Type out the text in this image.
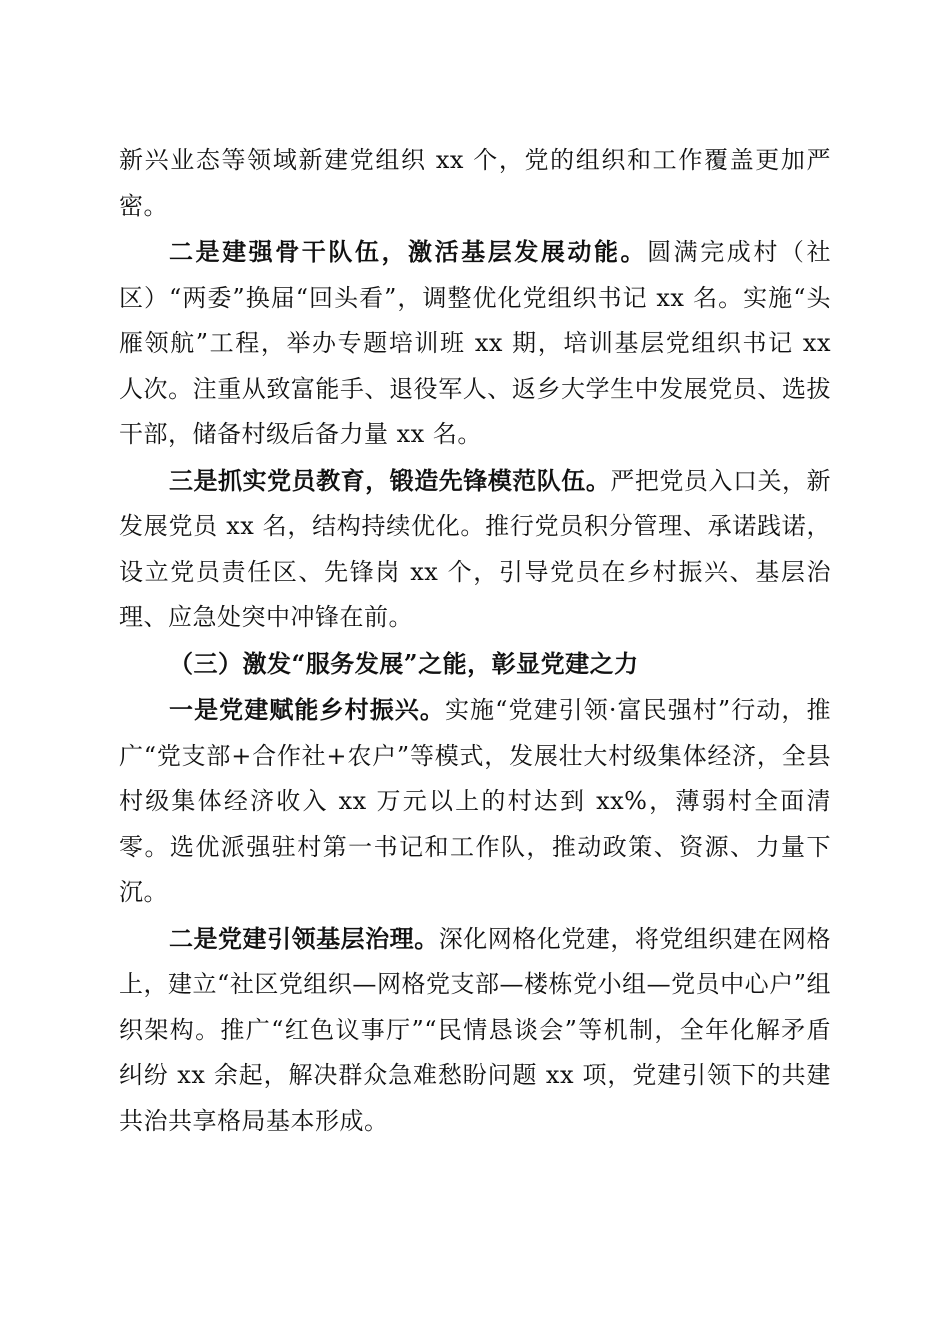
新兴业态等领域新建党组织 xx 个，党的组织和工作覆盖更加严密。

二是建强骨干队伍，激活基层发展动能。圆满完成村（社区）“两委”换届“回头看”，调整优化党组织书记 xx 名。实施“头雁领航”工程，举办专题培训班 xx 期，培训基层党组织书记 xx 人次。注重从致富能手、退役军人、返乡大学生中发展党员、选拔干部，储备村级后备力量 xx 名。

三是抓实党员教育，锻造先锋模范队伍。严把党员入口关，新发展党员 xx 名，结构持续优化。推行党员积分管理、承诺践诺，设立党员责任区、先锋岗 xx 个，引导党员在乡村振兴、基层治理、应急处突中冲锋在前。

（三）激发“服务发展”之能，彰显党建之力

一是党建赋能乡村振兴。实施“党建引领·富民强村”行动，推广“党支部+合作社+农户”等模式，发展壮大村级集体经济，全县村级集体经济收入 xx 万元以上的村达到 xx%，薄弱村全面清零。选优派强驻村第一书记和工作队，推动政策、资源、力量下沉。

二是党建引领基层治理。深化网格化党建，将党组织建在网格上，建立“社区党组织—网格党支部—楼栋党小组—党员中心户”组织架构。推广“红色议事厅”“民情恳谈会”等机制，全年化解矛盾纠纷 xx 余起，解决群众急难愁盼问题 xx 项，党建引领下的共建共治共享格局基本形成。
